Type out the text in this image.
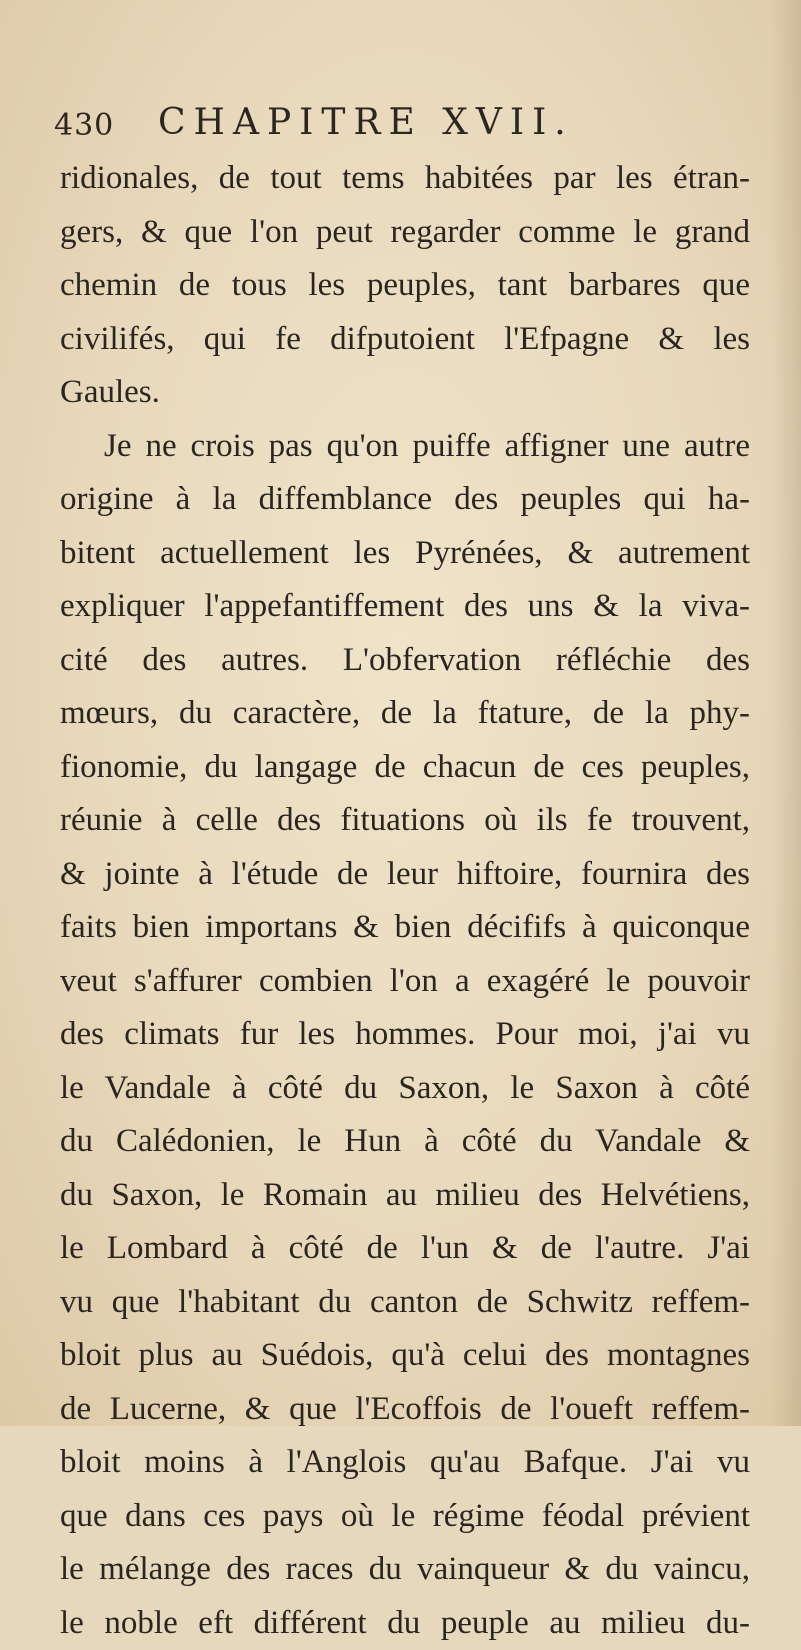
430 CHAPITRE XVII.
ridionales, de tout tems habitées par les étran-
gers, & que l'on peut regarder comme le grand
chemin de tous les peuples, tant barbares que
civilifés, qui fe difputoient l'Efpagne & les
Gaules.
Je ne crois pas qu'on puiffe affigner une autre
origine à la diffemblance des peuples qui ha-
bitent actuellement les Pyrénées, & autrement
expliquer l'appefantiffement des uns & la viva-
cité des autres. L'obfervation réfléchie des
mœurs, du caractère, de la ftature, de la phy-
fionomie, du langage de chacun de ces peuples,
réunie à celle des fituations où ils fe trouvent,
& jointe à l'étude de leur hiftoire, fournira des
faits bien importans & bien décififs à quiconque
veut s'affurer combien l'on a exagéré le pouvoir
des climats fur les hommes. Pour moi, j'ai vu
le Vandale à côté du Saxon, le Saxon à côté
du Calédonien, le Hun à côté du Vandale &
du Saxon, le Romain au milieu des Helvétiens,
le Lombard à côté de l'un & de l'autre. J'ai
vu que l'habitant du canton de Schwitz reffem-
bloit plus au Suédois, qu'à celui des montagnes
de Lucerne, & que l'Ecoffois de l'oueft reffem-
bloit moins à l'Anglois qu'au Bafque. J'ai vu
que dans ces pays où le régime féodal prévient
le mélange des races du vainqueur & du vaincu,
le noble eft différent du peuple au milieu du-
